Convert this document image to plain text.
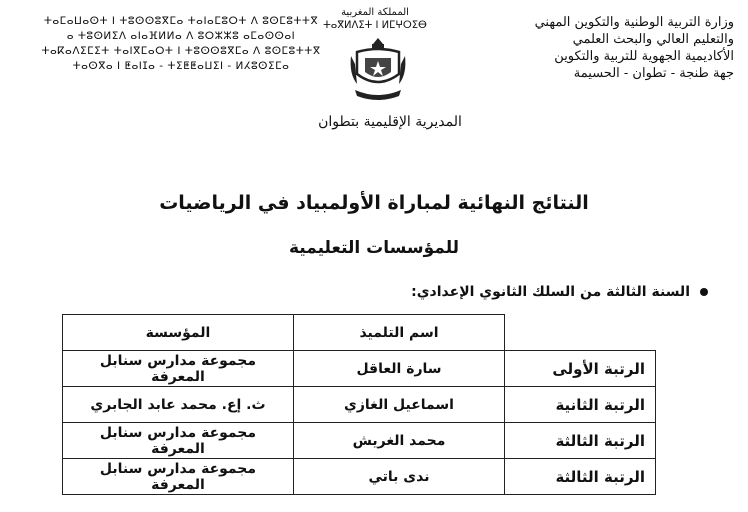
المملكة المغربية
ⵜⴰⴳⵍⴷⵉⵜ ⵏ ⵍⵎⵖⵔⵉⴱ	وزارة التربية الوطنية والتكوين المهني
والتعليم العالي والبحث العلمي
الأكاديمية الجهوية للتربية والتكوين
جهة طنجة - تطوان - الحسيمة
ⵜⴰⵎⴰⵡⴰⵙⵜ ⵏ ⵜⵓⵙⵙⵓⴳⵎⴰ ⵜⴰⵏⴰⵎⵓⵔⵜ ⴷ ⵓⵙⵎⵓⵜⵜⴳ
ⴰ ⵜⵓⵙⵍⵉⴷ ⴰⵏⴰⴼⵍⵍⴰ ⴷ ⵓⵔⵣⵣⵓ ⴰⵎⴰⵙⵙⴰⵏ
ⵜⴰⴽⴰⴷⵉⵎⵉⵜ ⵜⴰⵏⴳⵎⴰⵔⵜ ⵏ ⵜⵓⵙⵙⵓⴳⵎⴰ ⴷ ⵓⵙⵎⵓⵜⵜⴳ
ⵜⴰⵙⴳⴰ ⵏ ⵟⴰⵏⵊⴰ - ⵜⵉⵟⵟⴰⵡⵉⵏ - ⵍⵃⵓⵙⵉⵎⴰ
المديرية الإقليمية بتطوان
النتائج النهائية لمباراة الأولمبياد في الرياضيات
للمؤسسات التعليمية
السنة الثالثة من السلك الثانوي الإعدادي:
	اسم التلميذ	المؤسسة
الرتبة الأولى	سارة العاقل	مجموعة مدارس سنابل المعرفة
الرتبة الثانية	اسماعيل الغازي	ث. إع. محمد عابد الجابري
الرتبة الثالثة	محمد الغريش	مجموعة مدارس سنابل المعرفة
الرتبة الثالثة	ندى باتي	مجموعة مدارس سنابل المعرفة
